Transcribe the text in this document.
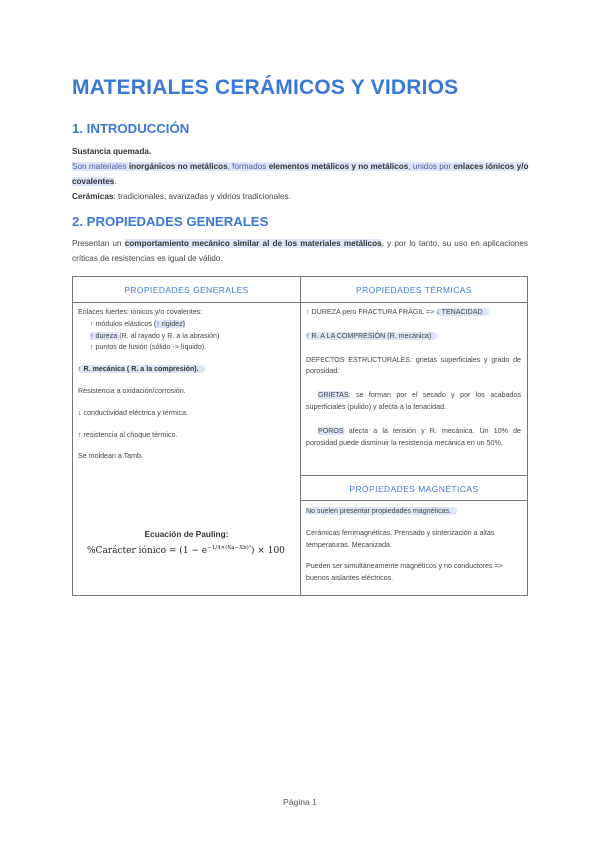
MATERIALES CERÁMICOS Y VIDRIOS
1. INTRODUCCIÓN
Sustancia quemada.
Son materiales inorgánicos no metálicos, formados elementos metálicos y no metálicos, unidos por enlaces iónicos y/o covalentes.
Cerámicas: tradicionales, avanzadas y vidrios tradicionales.
2. PROPIEDADES GENERALES
Presentan un comportamiento mecánico similar al de los materiales metálicos, y por lo tanto, su uso en aplicaciones críticas de resistencias es igual de válido.
PROPIEDADES GENERALES	PROPIEDADES TÉRMICAS
PROPIEDADES MAGNÉTICAS

Enlaces fuertes: iónicos y/o covalentes:

↑ módulos elásticos (↑ rigidez)

↑ dureza (R. al rayado y R. a la abrasión)

↑ puntos de fusión (sólido -> líquido).

↑ R. mecánica ( R. a la compresión).

Resistencia a oxidación/corrosión.

↓ conductividad eléctrica y térmica.

↑ resistencia al choque térmico.

Se moldean a Tamb.

Ecuación de Pauling:
%Carácter iónico = $(1 - e^{-1/4\times(Xa-Xb)^2}) \times 100$

↑ DUREZA pero FRACTURA FRÁGIL => ↓ TENACIDAD

↑ R. A LA COMPRESIÓN (R. mecánica)

DEFECTOS ESTRUCTURALES: grietas superficiales y grado de porosidad:

GRIETAS: se forman por el secado y por los acabados superficiales (pulido) y afecta a la tenacidad.

POROS afecta a la tensión y R. mecánica. Un 10% de porosidad puede disminuir la resistencia mecánica en un 50%.

No suelen presentar propiedades magnéticas.

Cerámicas ferrimagnéticas. Prensado y sinterización a altas temperaturas. Mecanizada.

Pueden ser simultáneamente magnéticos y no conductores => buenos aislantes eléctricos.

Página 1
